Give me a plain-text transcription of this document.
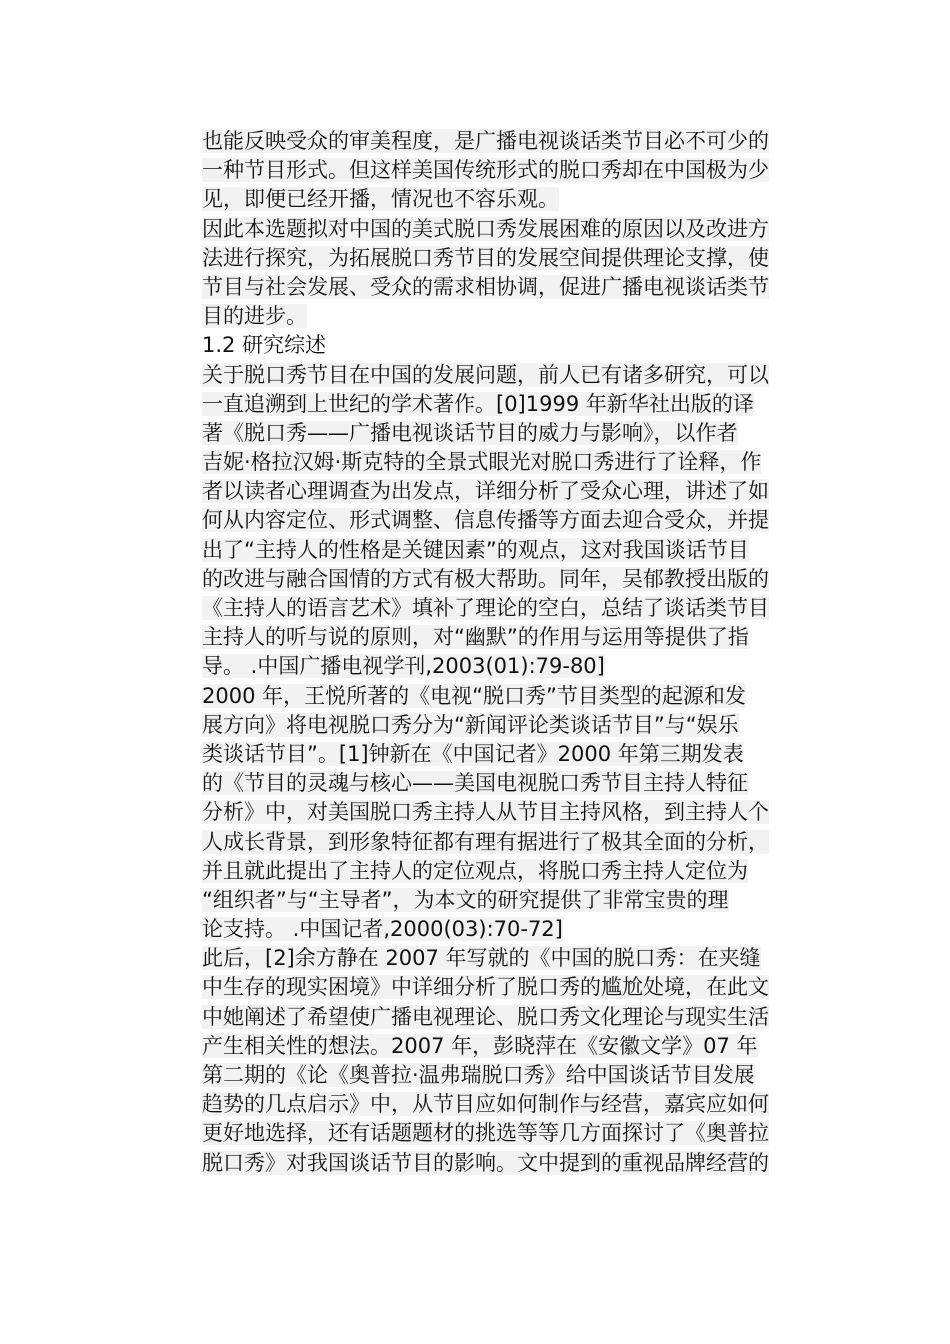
也能反映受众的审美程度，是广播电视谈话类节目必不可少的
一种节目形式。但这样美国传统形式的脱口秀却在中国极为少
见，即便已经开播，情况也不容乐观。
因此本选题拟对中国的美式脱口秀发展困难的原因以及改进方
法进行探究，为拓展脱口秀节目的发展空间提供理论支撑，使
节目与社会发展、受众的需求相协调，促进广播电视谈话类节
目的进步。
1.2 研究综述
关于脱口秀节目在中国的发展问题，前人已有诸多研究，可以
一直追溯到上世纪的学术著作。[0]1999 年新华社出版的译
著《脱口秀——广播电视谈话节目的威力与影响》，以作者
吉妮·格拉汉姆·斯克特的全景式眼光对脱口秀进行了诠释，作
者以读者心理调查为出发点，详细分析了受众心理，讲述了如
何从内容定位、形式调整、信息传播等方面去迎合受众，并提
出了“主持人的性格是关键因素”的观点，这对我国谈话节目
的改进与融合国情的方式有极大帮助。同年，吴郁教授出版的
《主持人的语言艺术》填补了理论的空白，总结了谈话类节目
主持人的听与说的原则，对“幽默”的作用与运用等提供了指
导。 .中国广播电视学刊,2003(01):79-80]
2000 年，王悦所著的《电视“脱口秀”节目类型的起源和发
展方向》将电视脱口秀分为“新闻评论类谈话节目”与“娱乐
类谈话节目”。[1]钟新在《中国记者》2000 年第三期发表
的《节目的灵魂与核心——美国电视脱口秀节目主持人特征
分析》中，对美国脱口秀主持人从节目主持风格，到主持人个
人成长背景，到形象特征都有理有据进行了极其全面的分析，
并且就此提出了主持人的定位观点，将脱口秀主持人定位为
“组织者”与“主导者”，为本文的研究提供了非常宝贵的理
论支持。 .中国记者,2000(03):70-72]
此后，[2]余方静在 2007 年写就的《中国的脱口秀：在夹缝
中生存的现实困境》中详细分析了脱口秀的尴尬处境，在此文
中她阐述了希望使广播电视理论、脱口秀文化理论与现实生活
产生相关性的想法。2007 年，彭晓萍在《安徽文学》07 年
第二期的《论《奥普拉·温弗瑞脱口秀》给中国谈话节目发展
趋势的几点启示》中，从节目应如何制作与经营，嘉宾应如何
更好地选择，还有话题题材的挑选等等几方面探讨了《奥普拉
脱口秀》对我国谈话节目的影响。文中提到的重视品牌经营的
